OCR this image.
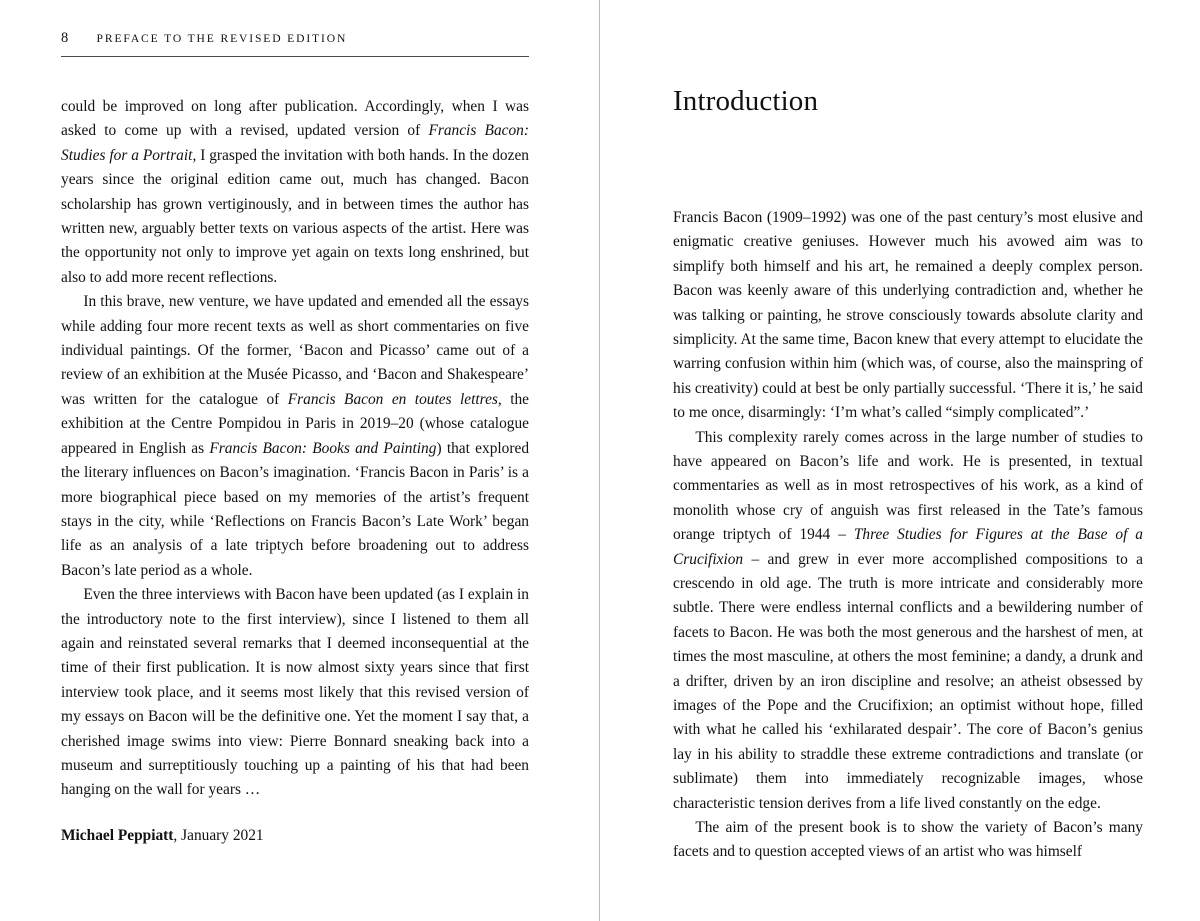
8 PREFACE TO THE REVISED EDITION

could be improved on long after publication. Accordingly, when I was asked to come up with a revised, updated version of Francis Bacon: Studies for a Portrait, I grasped the invitation with both hands. In the dozen years since the original edition came out, much has changed. Bacon scholarship has grown vertiginously, and in between times the author has written new, arguably better texts on various aspects of the artist. Here was the opportunity not only to improve yet again on texts long enshrined, but also to add more recent reflections.

In this brave, new venture, we have updated and emended all the essays while adding four more recent texts as well as short commentaries on five individual paintings. Of the former, ‘Bacon and Picasso’ came out of a review of an exhibition at the Musée Picasso, and ‘Bacon and Shakespeare’ was written for the catalogue of Francis Bacon en toutes lettres, the exhibition at the Centre Pompidou in Paris in 2019–20 (whose catalogue appeared in English as Francis Bacon: Books and Painting) that explored the literary influences on Bacon’s imagination. ‘Francis Bacon in Paris’ is a more biographical piece based on my memories of the artist’s frequent stays in the city, while ‘Reflections on Francis Bacon’s Late Work’ began life as an analysis of a late triptych before broadening out to address Bacon’s late period as a whole.

Even the three interviews with Bacon have been updated (as I explain in the introductory note to the first interview), since I listened to them all again and reinstated several remarks that I deemed inconsequential at the time of their first publication. It is now almost sixty years since that first interview took place, and it seems most likely that this revised version of my essays on Bacon will be the definitive one. Yet the moment I say that, a cherished image swims into view: Pierre Bonnard sneaking back into a museum and surreptitiously touching up a painting of his that had been hanging on the wall for years …

Michael Peppiatt, January 2021
Introduction

Francis Bacon (1909–1992) was one of the past century’s most elusive and enigmatic creative geniuses. However much his avowed aim was to simplify both himself and his art, he remained a deeply complex person. Bacon was keenly aware of this underlying contradiction and, whether he was talking or painting, he strove consciously towards absolute clarity and simplicity. At the same time, Bacon knew that every attempt to elucidate the warring confusion within him (which was, of course, also the mainspring of his creativity) could at best be only partially successful. ‘There it is,’ he said to me once, disarmingly: ‘I’m what’s called “simply complicated”.’

This complexity rarely comes across in the large number of studies to have appeared on Bacon’s life and work. He is presented, in textual commentaries as well as in most retrospectives of his work, as a kind of monolith whose cry of anguish was first released in the Tate’s famous orange triptych of 1944 – Three Studies for Figures at the Base of a Crucifixion – and grew in ever more accomplished compositions to a crescendo in old age. The truth is more intricate and considerably more subtle. There were endless internal conflicts and a bewildering number of facets to Bacon. He was both the most generous and the harshest of men, at times the most masculine, at others the most feminine; a dandy, a drunk and a drifter, driven by an iron discipline and resolve; an atheist obsessed by images of the Pope and the Crucifixion; an optimist without hope, filled with what he called his ‘exhilarated despair’. The core of Bacon’s genius lay in his ability to straddle these extreme contradictions and translate (or sublimate) them into immediately recognizable images, whose characteristic tension derives from a life lived constantly on the edge.

The aim of the present book is to show the variety of Bacon’s many facets and to question accepted views of an artist who was himself
